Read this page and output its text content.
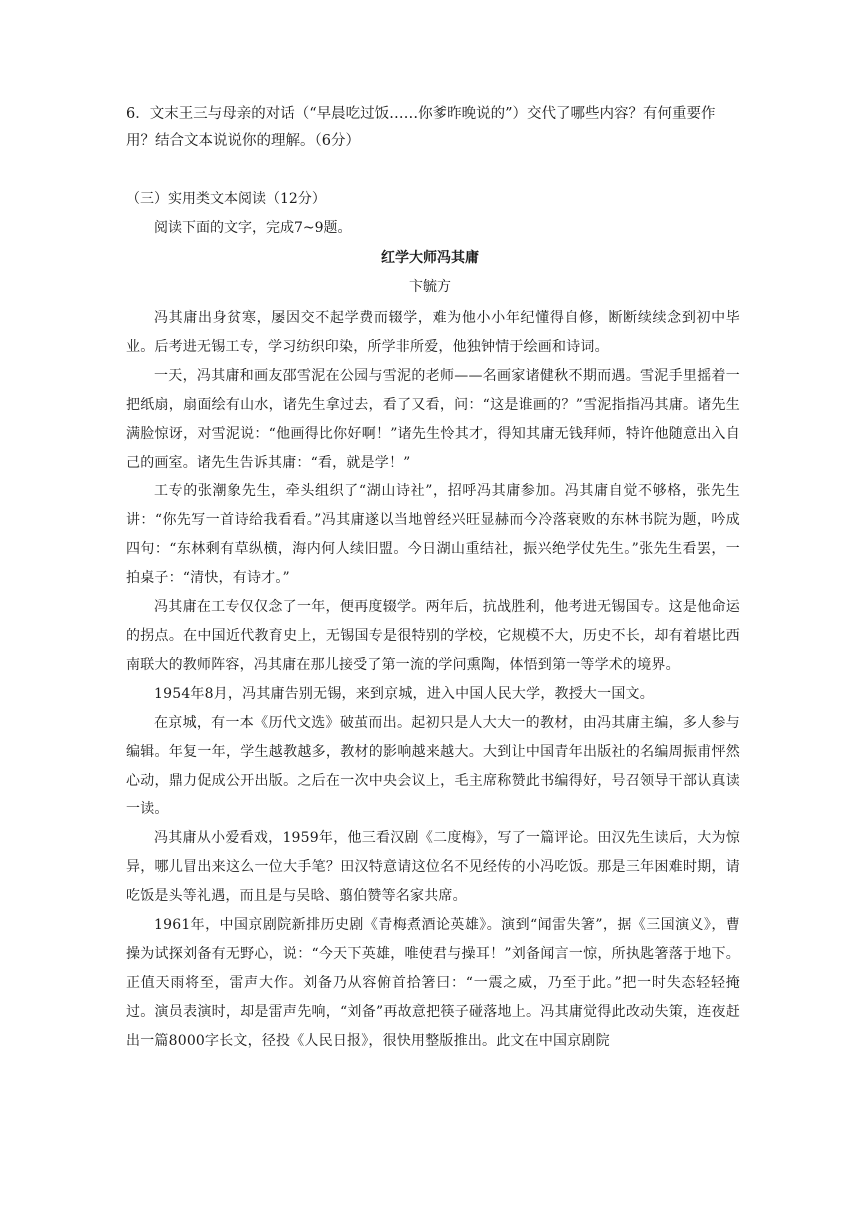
6．文末王三与母亲的对话（“早晨吃过饭……你爹昨晚说的”）交代了哪些内容？有何重要作用？结合文本说说你的理解。（6分）

（三）实用类文本阅读（12分）

阅读下面的文字，完成7~9题。

红学大师冯其庸

卞毓方

冯其庸出身贫寒，屡因交不起学费而辍学，难为他小小年纪懂得自修，断断续续念到初中毕业。后考进无锡工专，学习纺织印染，所学非所爱，他独钟情于绘画和诗词。

一天，冯其庸和画友邵雪泥在公园与雪泥的老师——名画家诸健秋不期而遇。雪泥手里摇着一把纸扇，扇面绘有山水，诸先生拿过去，看了又看，问：“这是谁画的？”雪泥指指冯其庸。诸先生满脸惊讶，对雪泥说：“他画得比你好啊！”诸先生怜其才，得知其庸无钱拜师，特许他随意出入自己的画室。诸先生告诉其庸：“看，就是学！”

工专的张潮象先生，牵头组织了“湖山诗社”，招呼冯其庸参加。冯其庸自觉不够格，张先生讲：“你先写一首诗给我看看。”冯其庸遂以当地曾经兴旺显赫而今冷落衰败的东林书院为题，吟成四句：“东林剩有草纵横，海内何人续旧盟。今日湖山重结社，振兴绝学仗先生。”张先生看罢，一拍桌子：“清快，有诗才。”

冯其庸在工专仅仅念了一年，便再度辍学。两年后，抗战胜利，他考进无锡国专。这是他命运的拐点。在中国近代教育史上，无锡国专是很特别的学校，它规模不大，历史不长，却有着堪比西南联大的教师阵容，冯其庸在那儿接受了第一流的学问熏陶，体悟到第一等学术的境界。

1954年8月，冯其庸告别无锡，来到京城，进入中国人民大学，教授大一国文。

在京城，有一本《历代文选》破茧而出。起初只是人大大一的教材，由冯其庸主编，多人参与编辑。年复一年，学生越教越多，教材的影响越来越大。大到让中国青年出版社的名编周振甫怦然心动，鼎力促成公开出版。之后在一次中央会议上，毛主席称赞此书编得好，号召领导干部认真读一读。

冯其庸从小爱看戏，1959年，他三看汉剧《二度梅》，写了一篇评论。田汉先生读后，大为惊异，哪儿冒出来这么一位大手笔？田汉特意请这位名不见经传的小冯吃饭。那是三年困难时期，请吃饭是头等礼遇，而且是与吴晗、翦伯赞等名家共席。

1961年，中国京剧院新排历史剧《青梅煮酒论英雄》。演到“闻雷失箸”，据《三国演义》，曹操为试探刘备有无野心，说：“今天下英雄，唯使君与操耳！”刘备闻言一惊，所执匙箸落于地下。正值天雨将至，雷声大作。刘备乃从容俯首拾箸曰：“一震之威，乃至于此。”把一时失态轻轻掩过。演员表演时，却是雷声先响，“刘备”再故意把筷子碰落地上。冯其庸觉得此改动失策，连夜赶出一篇8000字长文，径投《人民日报》，很快用整版推出。此文在中国京剧院
